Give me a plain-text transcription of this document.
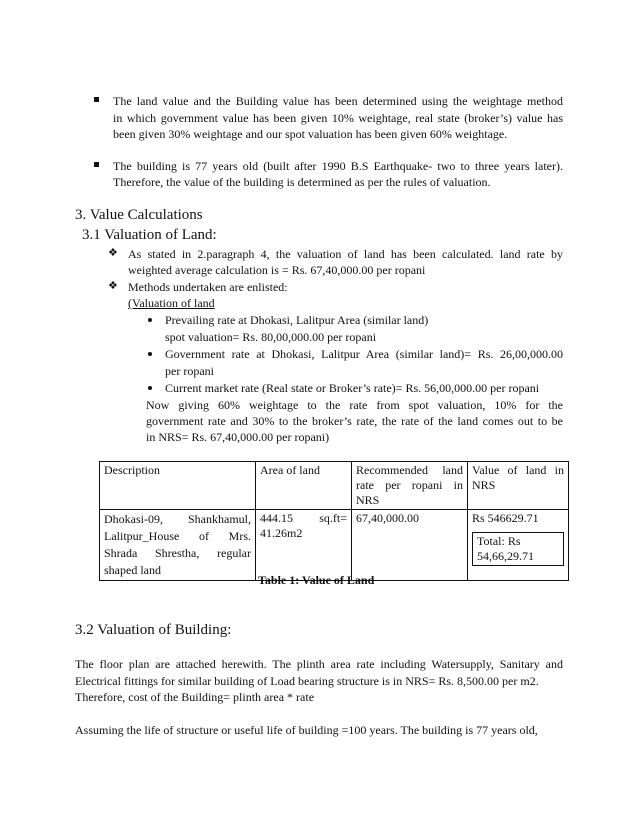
The land value and the Building value has been determined using the weightage method
in which government value has been given 10% weightage, real state (broker’s) value has
been given 30% weightage and our spot valuation has been given 60% weightage.
The building is 77 years old (built after 1990 B.S Earthquake- two to three years later).
Therefore, the value of the building is determined as per the rules of valuation.
3. Value Calculations
3.1 Valuation of Land:
❖ As stated in 2.paragraph 4, the valuation of land has been calculated. land rate by
weighted average calculation is = Rs. 67,40,000.00 per ropani
❖ Methods undertaken are enlisted:
(Valuation of land
Prevailing rate at Dhokasi, Lalitpur Area (similar land)
spot valuation= Rs. 80,00,000.00 per ropani
Government rate at Dhokasi, Lalitpur Area (similar land)= Rs. 26,00,000.00
per ropani
Current market rate (Real state or Broker’s rate)= Rs. 56,00,000.00 per ropani
Now giving 60% weightage to the rate from spot valuation, 10% for the
government rate and 30% to the broker’s rate, the rate of the land comes out to be
in NRS= Rs. 67,40,000.00 per ropani)
Description	Area of land	Recommended land rate per ropani in NRS	Value of land in NRS
Dhokasi-09, Shankhamul, Lalitpur_House of Mrs. Shrada Shrestha, regular shaped land	444.15 sq.ft= 41.26m2	67,40,000.00	Rs 546629.71
Total: Rs 54,66,29.71
Table 1: Value of Land
3.2 Valuation of Building:
The floor plan are attached herewith. The plinth area rate including Watersupply, Sanitary and
Electrical fittings for similar building of Load bearing structure is in NRS= Rs. 8,500.00 per m2.
Therefore, cost of the Building= plinth area * rate
Assuming the life of structure or useful life of building =100 years. The building is 77 years old,
